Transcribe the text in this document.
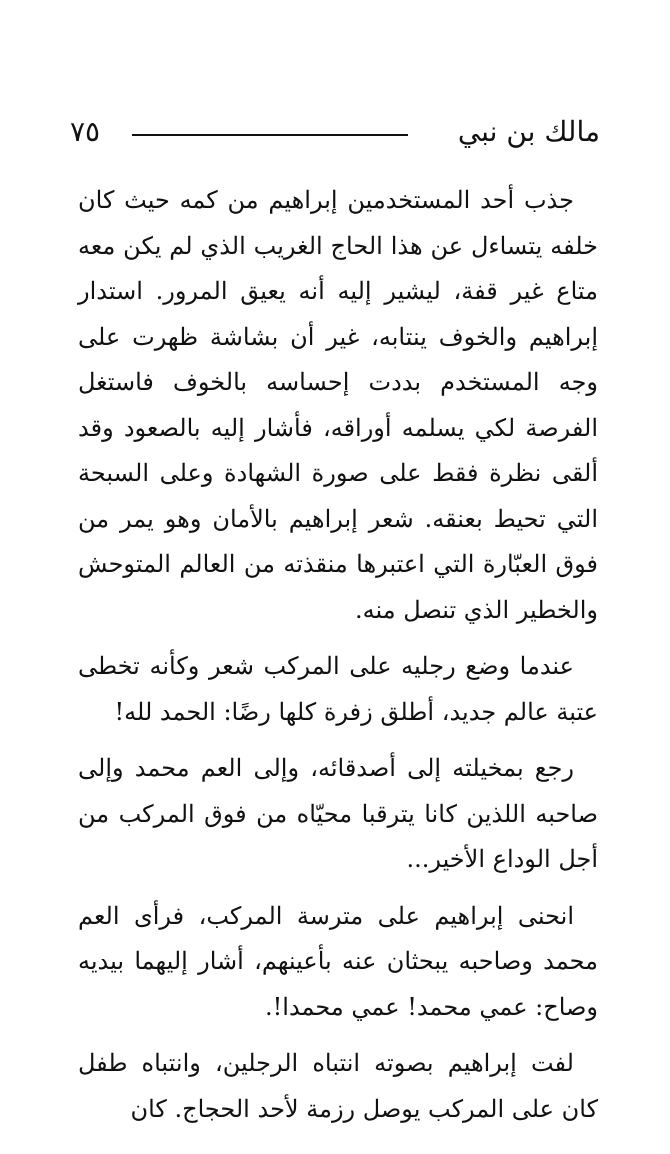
مالك بن نبي
٧٥

جذب أحد المستخدمين إبراهيم من كمه حيث كان خلفه يتساءل عن هذا الحاج الغريب الذي لم يكن معه متاع غير قفة، ليشير إليه أنه يعيق المرور. استدار إبراهيم والخوف ينتابه، غير أن بشاشة ظهرت على وجه المستخدم بددت إحساسه بالخوف فاستغل الفرصة لكي يسلمه أوراقه، فأشار إليه بالصعود وقد ألقى نظرة فقط على صورة الشهادة وعلى السبحة التي تحيط بعنقه. شعر إبراهيم بالأمان وهو يمر من فوق العبّارة التي اعتبرها منقذته من العالم المتوحش والخطير الذي تنصل منه.

عندما وضع رجليه على المركب شعر وكأنه تخطى عتبة عالم جديد، أطلق زفرة كلها رضًا: الحمد لله!

رجع بمخيلته إلى أصدقائه، وإلى العم محمد وإلى صاحبه اللذين كانا يترقبا محيّاه من فوق المركب من أجل الوداع الأخير...

انحنى إبراهيم على مترسة المركب، فرأى العم محمد وصاحبه يبحثان عنه بأعينهم، أشار إليهما بيديه وصاح: عمي محمد! عمي محمدا!.

لفت إبراهيم بصوته انتباه الرجلين، وانتباه طفل كان على المركب يوصل رزمة لأحد الحجاج. كان
